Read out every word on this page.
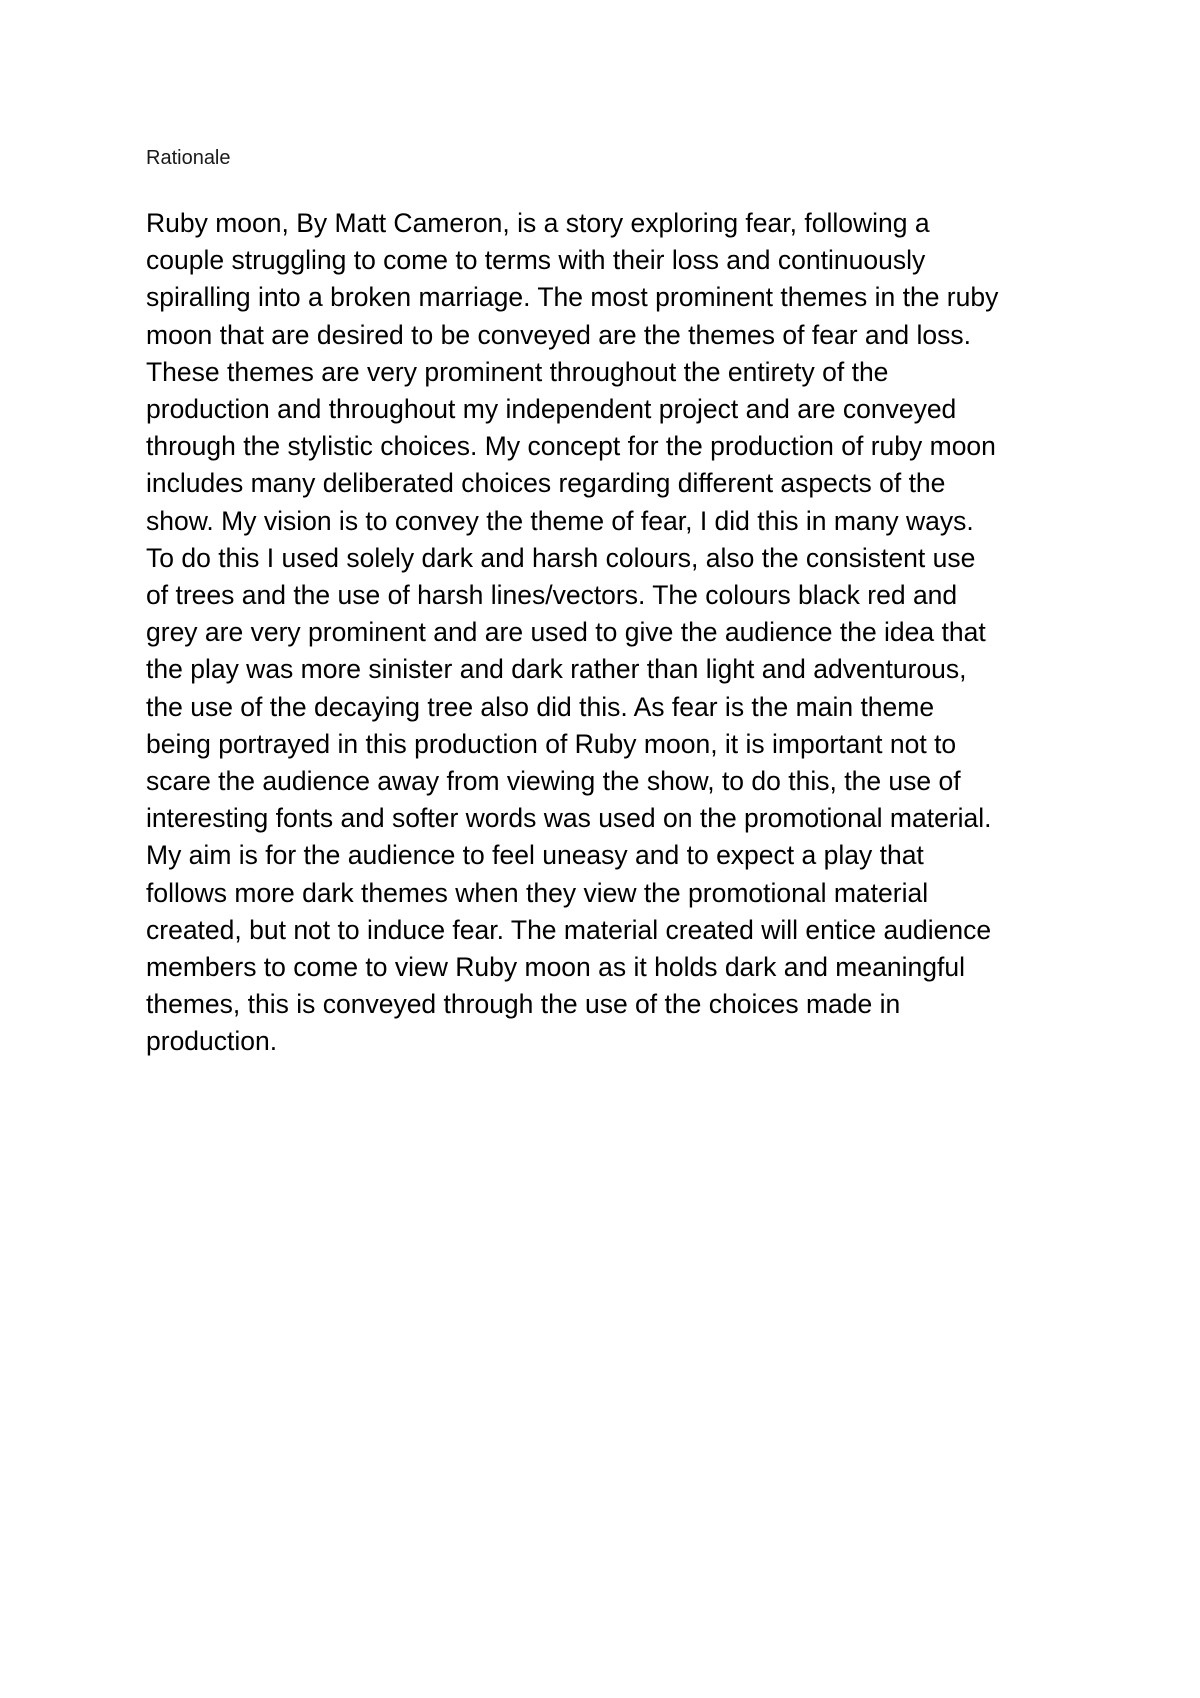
Rationale
Ruby moon, By Matt Cameron, is a story exploring fear, following a
couple struggling to come to terms with their loss and continuously
spiralling into a broken marriage. The most prominent themes in the ruby
moon that are desired to be conveyed are the themes of fear and loss.
These themes are very prominent throughout the entirety of the
production and throughout my independent project and are conveyed
through the stylistic choices. My concept for the production of ruby moon
includes many deliberated choices regarding different aspects of the
show. My vision is to convey the theme of fear, I did this in many ways.
To do this I used solely dark and harsh colours, also the consistent use
of trees and the use of harsh lines/vectors. The colours black red and
grey are very prominent and are used to give the audience the idea that
the play was more sinister and dark rather than light and adventurous,
the use of the decaying tree also did this. As fear is the main theme
being portrayed in this production of Ruby moon, it is important not to
scare the audience away from viewing the show, to do this, the use of
interesting fonts and softer words was used on the promotional material.
My aim is for the audience to feel uneasy and to expect a play that
follows more dark themes when they view the promotional material
created, but not to induce fear. The material created will entice audience
members to come to view Ruby moon as it holds dark and meaningful
themes, this is conveyed through the use of the choices made in
production.
